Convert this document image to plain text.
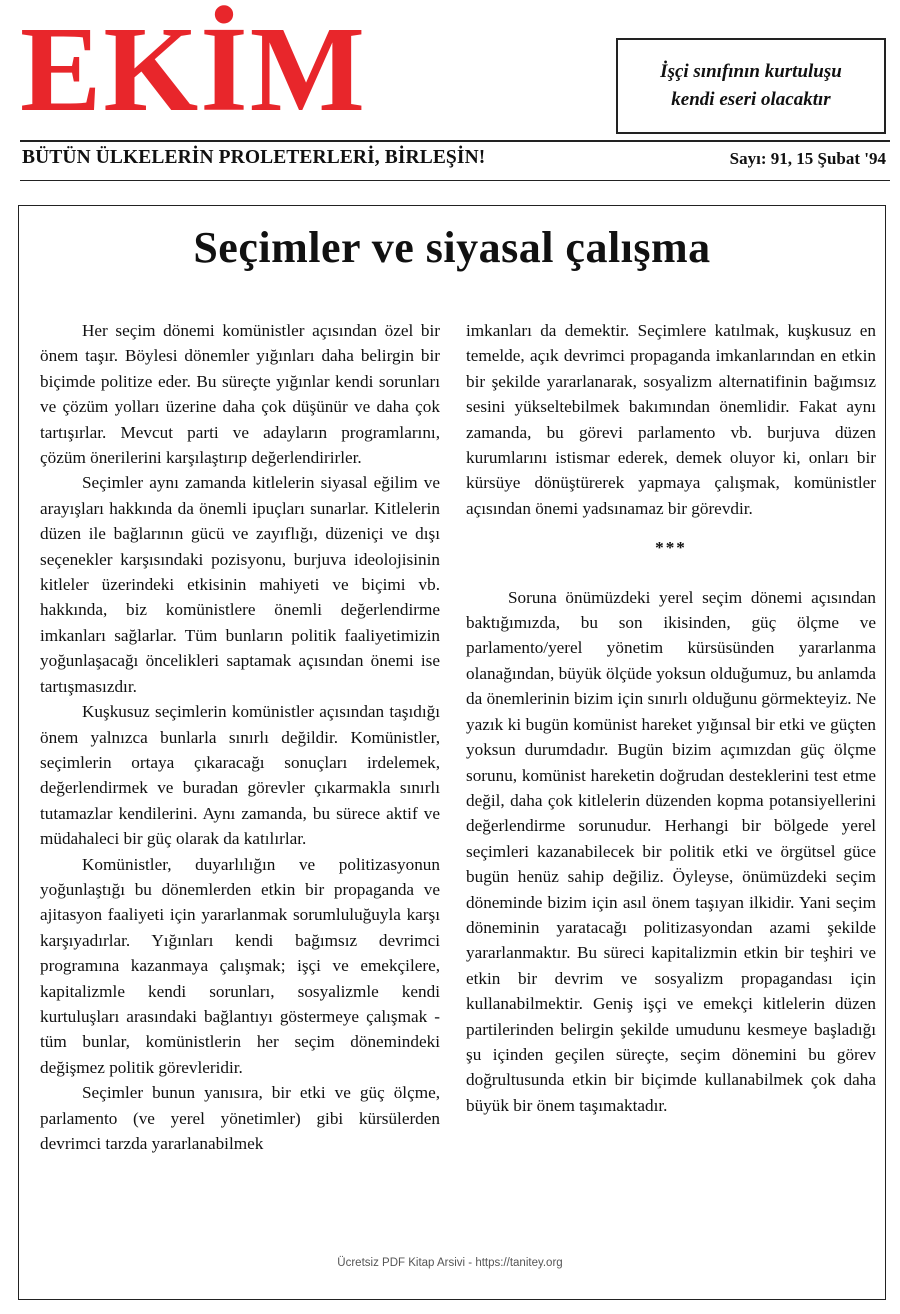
EKİM	İşçi sınıfının kurtuluşu
kendi eseri olacaktır
BÜTÜN ÜLKELERİN PROLETERLERİ, BİRLEŞİN!	Sayı: 91, 15 Şubat '94
Seçimler ve siyasal çalışma

Her seçim dönemi komünistler açısından özel bir önem taşır. Böylesi dönemler yığınları daha belirgin bir biçimde politize eder. Bu süreçte yığınlar kendi sorunları ve çözüm yolları üzerine daha çok düşünür ve daha çok tartışırlar. Mevcut parti ve adayların programlarını, çözüm önerilerini karşılaştırıp değerlendirirler.

Seçimler aynı zamanda kitlelerin siyasal eğilim ve arayışları hakkında da önemli ipuçları sunarlar. Kitlelerin düzen ile bağlarının gücü ve zayıflığı, düzeniçi ve dışı seçenekler karşısındaki pozisyonu, burjuva ideolojisinin kitleler üzerindeki etkisinin mahiyeti ve biçimi vb. hakkında, biz komünistlere önemli değerlendirme imkanları sağlarlar. Tüm bunların politik faaliyetimizin yoğunlaşacağı öncelikleri saptamak açısından önemi ise tartışmasızdır.

Kuşkusuz seçimlerin komünistler açısından taşıdığı önem yalnızca bunlarla sınırlı değildir. Komünistler, seçimlerin ortaya çıkaracağı sonuçları irdelemek, değerlendirmek ve buradan görevler çıkarmakla sınırlı tutamazlar kendilerini. Aynı zamanda, bu sürece aktif ve müdahaleci bir güç olarak da katılırlar.

Komünistler, duyarlılığın ve politizasyonun yoğunlaştığı bu dönemlerden etkin bir propaganda ve ajitasyon faaliyeti için yararlanmak sorumluluğuyla karşı karşıyadırlar. Yığınları kendi bağımsız devrimci programına kazanmaya çalışmak; işçi ve emekçilere, kapitalizmle kendi sorunları, sosyalizmle kendi kurtuluşları arasındaki bağlantıyı göstermeye çalışmak -tüm bunlar, komünistlerin her seçim dönemindeki değişmez politik görevleridir.

Seçimler bunun yanısıra, bir etki ve güç ölçme, parlamento (ve yerel yönetimler) gibi kürsülerden devrimci tarzda yararlanabilmek

imkanları da demektir. Seçimlere katılmak, kuşkusuz en temelde, açık devrimci propaganda imkanlarından en etkin bir şekilde yararlanarak, sosyalizm alternatifinin bağımsız sesini yükseltebilmek bakımından önemlidir. Fakat aynı zamanda, bu görevi parlamento vb. burjuva düzen kurumlarını istismar ederek, demek oluyor ki, onları bir kürsüye dönüştürerek yapmaya çalışmak, komünistler açısından önemi yadsınamaz bir görevdir.

***

Soruna önümüzdeki yerel seçim dönemi açısından baktığımızda, bu son ikisinden, güç ölçme ve parlamento/yerel yönetim kürsüsünden yararlanma olanağından, büyük ölçüde yoksun olduğumuz, bu anlamda da önemlerinin bizim için sınırlı olduğunu görmekteyiz. Ne yazık ki bugün komünist hareket yığınsal bir etki ve güçten yoksun durumdadır. Bugün bizim açımızdan güç ölçme sorunu, komünist hareketin doğrudan desteklerini test etme değil, daha çok kitlelerin düzenden kopma potansiyellerini değerlendirme sorunudur. Herhangi bir bölgede yerel seçimleri kazanabilecek bir politik etki ve örgütsel güce bugün henüz sahip değiliz. Öyleyse, önümüzdeki seçim döneminde bizim için asıl önem taşıyan ilkidir. Yani seçim döneminin yaratacağı politizasyondan azami şekilde yararlanmaktır. Bu süreci kapitalizmin etkin bir teşhiri ve etkin bir devrim ve sosyalizm propagandası için kullanabilmektir. Geniş işçi ve emekçi kitlelerin düzen partilerinden belirgin şekilde umudunu kesmeye başladığı şu içinden geçilen süreçte, seçim dönemini bu görev doğrultusunda etkin bir biçimde kullanabilmek çok daha büyük bir önem taşımaktadır.

Ücretsiz PDF Kitap Arsivi - https://tanitey.org
